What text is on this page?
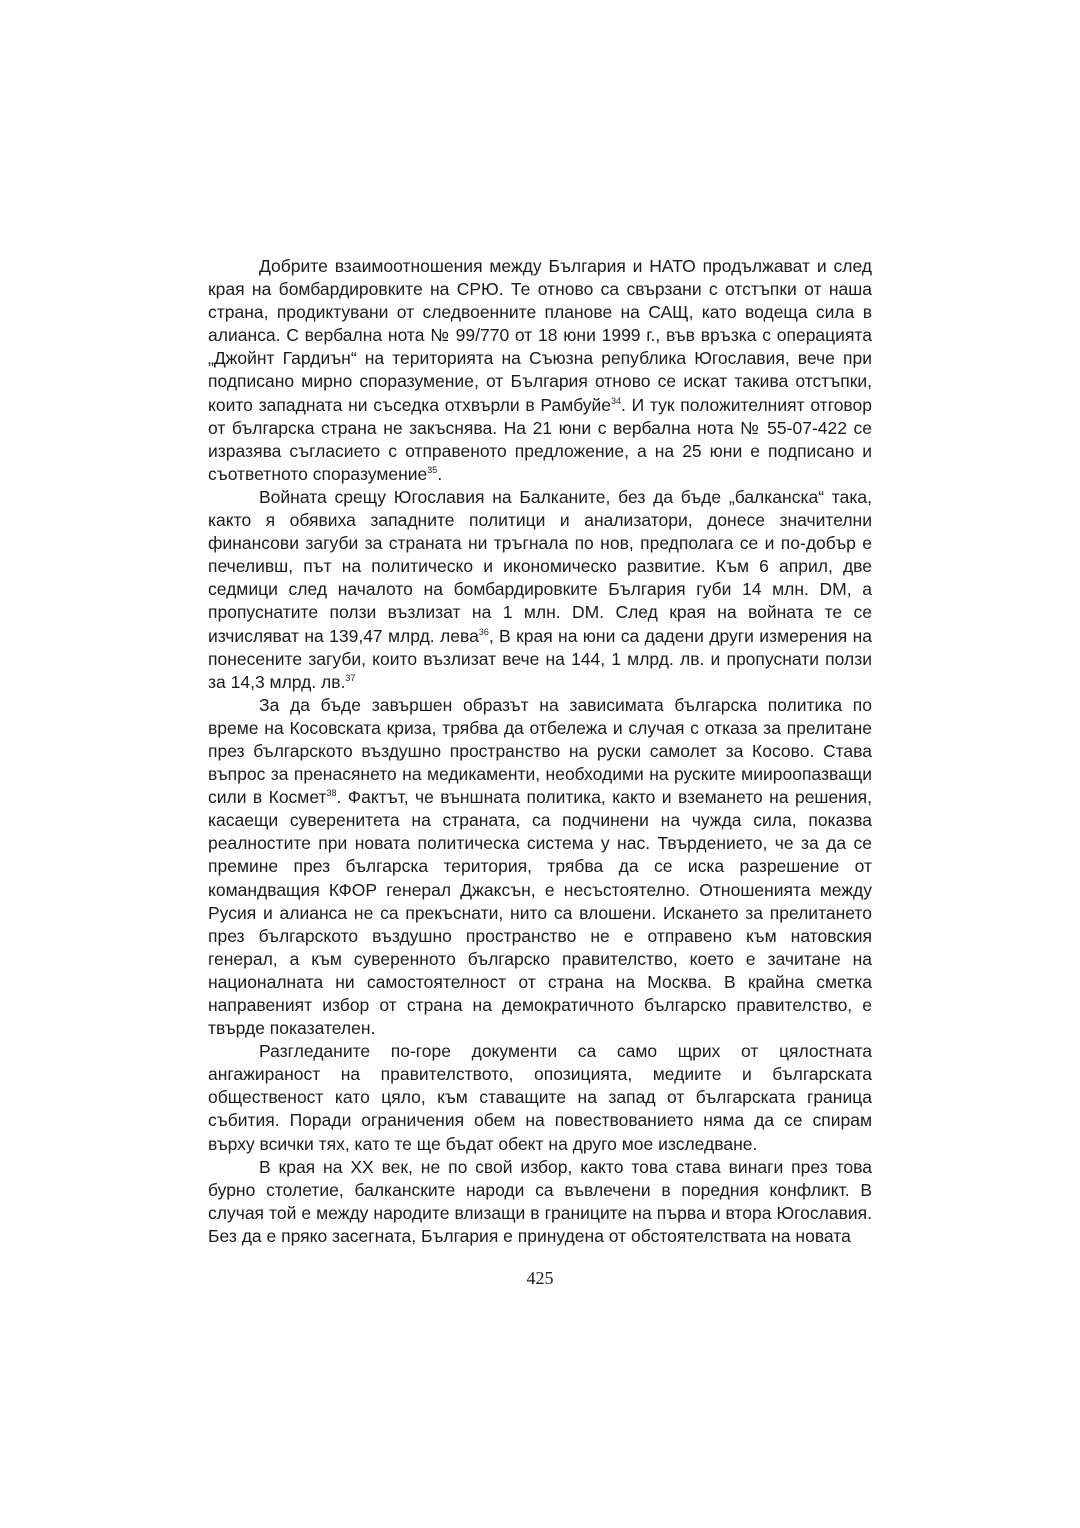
Добрите взаимоотношения между България и НАТО продължават и след края на бомбардировките на СРЮ. Те отново са свързани с отстъпки от наша страна, продиктувани от следвоенните планове на САЩ, като водеща сила в алианса. С вербална нота № 99/770 от 18 юни 1999 г., във връзка с операцията „Джойнт Гардиън“ на територията на Съюзна република Югославия, вече при подписано мирно споразумение, от България отново се искат такива отстъпки, които западната ни съседка отхвърли в Рамбуйе$^{34}$. И тук положителният отговор от българска страна не закъснява. На 21 юни с вербална нота № 55-07-422 се изразява съгласието с отправеното предложение, а на 25 юни е подписано и съответното споразумение$^{35}$.

Войната срещу Югославия на Балканите, без да бъде „балканска“ така, както я обявиха западните политици и анализатори, донесе значителни финансови загуби за страната ни тръгнала по нов, предполага се и по-добър е печеливш, път на политическо и икономическо развитие. Към 6 април, две седмици след началото на бомбардировките България губи 14 млн. DM, а пропуснатите ползи възлизат на 1 млн. DM. След края на войната те се изчисляват на 139,47 млрд. лева$^{36}$, В края на юни са дадени други измерения на понесените загуби, които възлизат вече на 144, 1 млрд. лв. и пропуснати ползи за 14,3 млрд. лв.$^{37}$

За да бъде завършен образът на зависимата българска политика по време на Косовската криза, трябва да отбележа и случая с отказа за прелитане през българското въздушно пространство на руски самолет за Косово. Става въпрос за пренасянето на медикаменти, необходими на руските миироопазващи сили в Космет$^{38}$. Фактът, че външната политика, както и вземането на решения, касаещи суверенитета на страната, са подчинени на чужда сила, показва реалностите при новата политическа система у нас. Твърдението, че за да се премине през българска територия, трябва да се иска разрешение от командващия КФОР генерал Джаксън, е несъстоятелно. Отношенията между Русия и алианса не са прекъснати, нито са влошени. Искането за прелитането през българското въздушно пространство не е отправено към натовския генерал, а към суверенното българско правителство, което е зачитане на националната ни самостоятелност от страна на Москва. В крайна сметка направеният избор от страна на демократичното българско правителство, е твърде показателен.

Разгледаните по-горе документи са само щрих от цялостната ангажираност на правителството, опозицията, медиите и българската общественост като цяло, към ставащите на запад от българската граница събития. Поради ограничения обем на повествованието няма да се спирам върху всички тях, като те ще бъдат обект на друго мое изследване.

В края на XX век, не по свой избор, както това става винаги през това бурно столетие, балканските народи са въвлечени в поредния конфликт. В случая той е между народите влизащи в границите на първа и втора Югославия. Без да е пряко засегната, България е принудена от обстоятелствата на новата

425
